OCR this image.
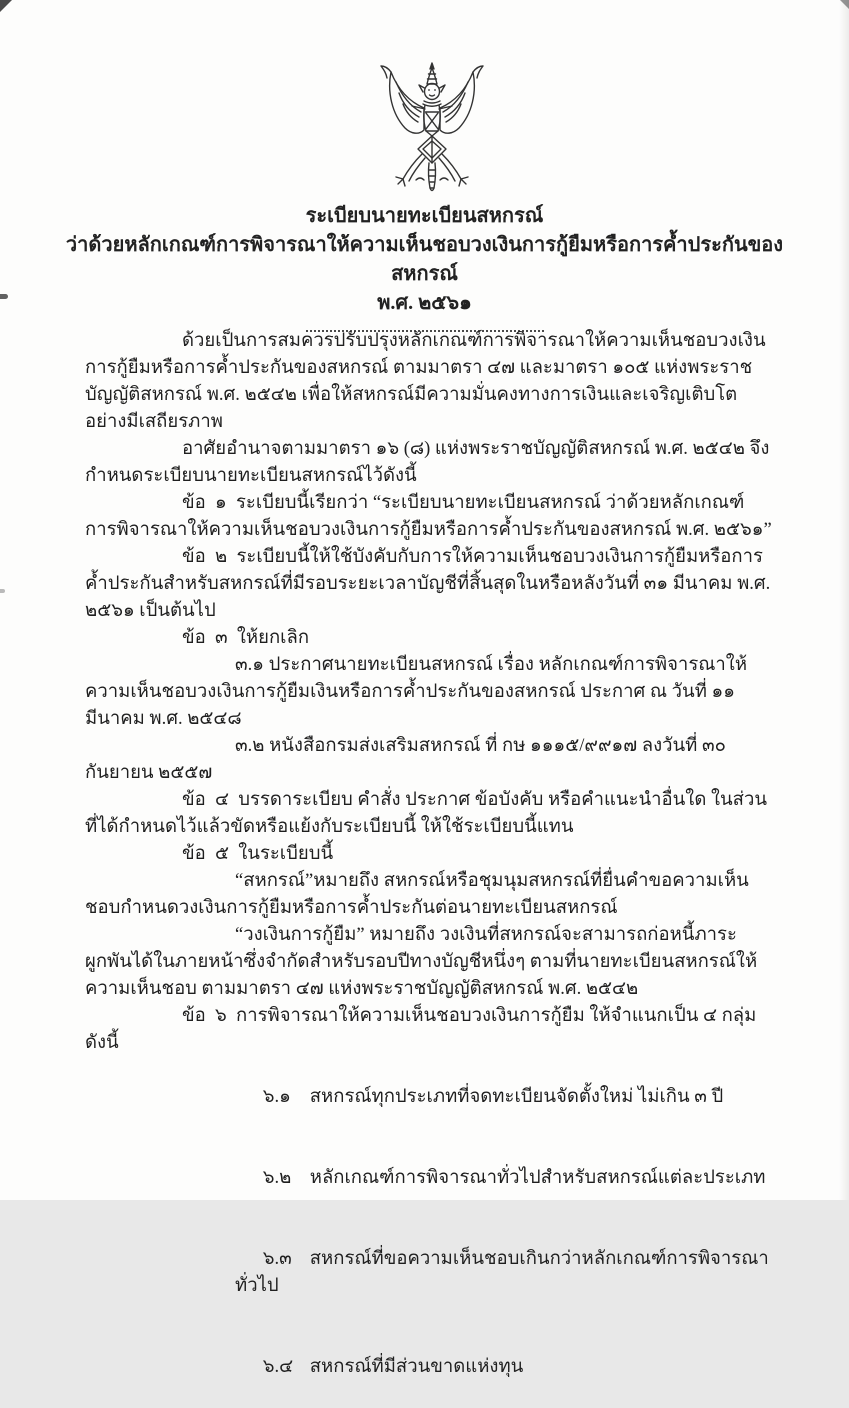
ระเบียบนายทะเบียนสหกรณ์
ว่าด้วยหลักเกณฑ์การพิจารณาให้ความเห็นชอบวงเงินการกู้ยืมหรือการค้ำประกันของสหกรณ์
พ.ศ. ๒๕๖๑

ด้วยเป็นการสมควรปรับปรุงหลักเกณฑ์การพิจารณาให้ความเห็นชอบวงเงินการกู้ยืมหรือการค้ำประกันของสหกรณ์ ตามมาตรา ๔๗ และมาตรา ๑๐๕ แห่งพระราชบัญญัติสหกรณ์ พ.ศ. ๒๕๔๒ เพื่อให้สหกรณ์มีความมั่นคงทางการเงินและเจริญเติบโตอย่างมีเสถียรภาพ

อาศัยอำนาจตามมาตรา ๑๖ (๘) แห่งพระราชบัญญัติสหกรณ์ พ.ศ. ๒๕๔๒ จึงกำหนดระเบียบนายทะเบียนสหกรณ์ไว้ดังนี้

ข้อ  ๑  ระเบียบนี้เรียกว่า “ระเบียบนายทะเบียนสหกรณ์ ว่าด้วยหลักเกณฑ์การพิจารณาให้ความเห็นชอบวงเงินการกู้ยืมหรือการค้ำประกันของสหกรณ์ พ.ศ. ๒๕๖๑”

ข้อ  ๒  ระเบียบนี้ให้ใช้บังคับกับการให้ความเห็นชอบวงเงินการกู้ยืมหรือการค้ำประกันสำหรับสหกรณ์ที่มีรอบระยะเวลาบัญชีที่สิ้นสุดในหรือหลังวันที่ ๓๑ มีนาคม พ.ศ. ๒๕๖๑ เป็นต้นไป

ข้อ  ๓  ให้ยกเลิก

๓.๑ ประกาศนายทะเบียนสหกรณ์ เรื่อง หลักเกณฑ์การพิจารณาให้ความเห็นชอบวงเงินการกู้ยืมเงินหรือการค้ำประกันของสหกรณ์ ประกาศ ณ วันที่ ๑๑ มีนาคม พ.ศ. ๒๕๔๘

๓.๒ หนังสือกรมส่งเสริมสหกรณ์ ที่ กษ ๑๑๑๕/๙๙๑๗ ลงวันที่ ๓๐ กันยายน ๒๕๕๗

ข้อ  ๔  บรรดาระเบียบ คำสั่ง ประกาศ ข้อบังคับ หรือคำแนะนำอื่นใด ในส่วนที่ได้กำหนดไว้แล้วขัดหรือแย้งกับระเบียบนี้ ให้ใช้ระเบียบนี้แทน

ข้อ  ๕  ในระเบียบนี้

“สหกรณ์”หมายถึง สหกรณ์หรือชุมนุมสหกรณ์ที่ยื่นคำขอความเห็นชอบกำหนดวงเงินการกู้ยืมหรือการค้ำประกันต่อนายทะเบียนสหกรณ์

“วงเงินการกู้ยืม” หมายถึง วงเงินที่สหกรณ์จะสามารถก่อหนี้ภาระผูกพันได้ในภายหน้าซึ่งจำกัดสำหรับรอบปีทางบัญชีหนึ่งๆ ตามที่นายทะเบียนสหกรณ์ให้ความเห็นชอบ ตามมาตรา ๔๗ แห่งพระราชบัญญัติสหกรณ์ พ.ศ. ๒๕๔๒

ข้อ  ๖  การพิจารณาให้ความเห็นชอบวงเงินการกู้ยืม ให้จำแนกเป็น ๔ กลุ่ม ดังนี้

๖.๑ สหกรณ์ทุกประเภทที่จดทะเบียนจัดตั้งใหม่ ไม่เกิน ๓ ปี

๖.๒ หลักเกณฑ์การพิจารณาทั่วไปสำหรับสหกรณ์แต่ละประเภท

๖.๓ สหกรณ์ที่ขอความเห็นชอบเกินกว่าหลักเกณฑ์การพิจารณาทั่วไป

๖.๔ สหกรณ์ที่มีส่วนขาดแห่งทุน
